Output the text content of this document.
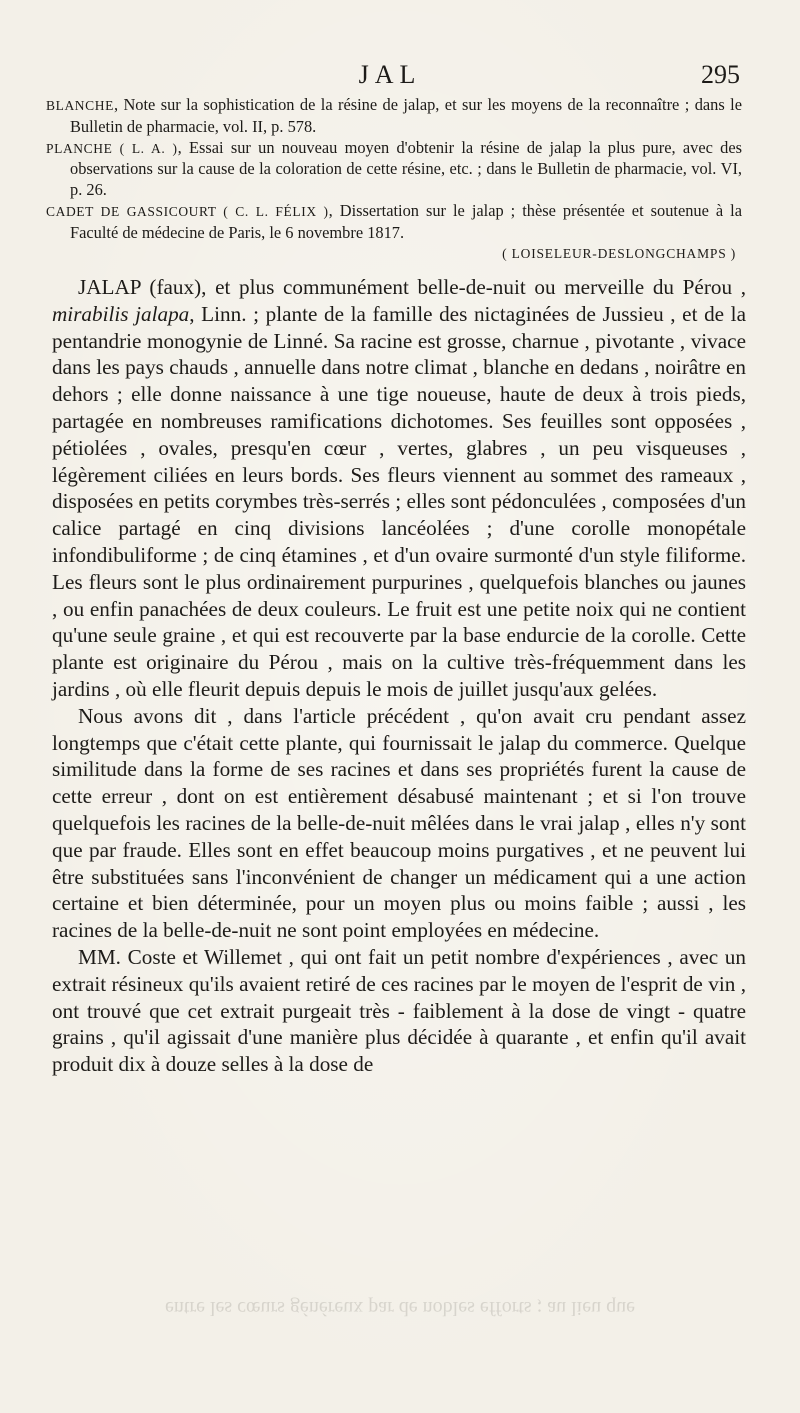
JAL	295
BLANCHE, Note sur la sophistication de la résine de jalap, et sur les moyens de la reconnaître ; dans le Bulletin de pharmacie, vol. II, p. 578.
PLANCHE ( L. A. ), Essai sur un nouveau moyen d'obtenir la résine de jalap la plus pure, avec des observations sur la cause de la coloration de cette résine, etc. ; dans le Bulletin de pharmacie, vol. VI, p. 26.
CADET DE GASSICOURT ( C. L. FÉLIX ), Dissertation sur le jalap ; thèse présentée et soutenue à la Faculté de médecine de Paris, le 6 novembre 1817.
( LOISELEUR-DESLONGCHAMPS )

JALAP (faux), et plus communément belle-de-nuit ou merveille du Pérou , mirabilis jalapa, Linn. ; plante de la famille des nictaginées de Jussieu , et de la pentandrie monogynie de Linné. Sa racine est grosse, charnue , pivotante , vivace dans les pays chauds , annuelle dans notre climat , blanche en dedans , noirâtre en dehors ; elle donne naissance à une tige noueuse, haute de deux à trois pieds, partagée en nombreuses ramifications dichotomes. Ses feuilles sont opposées , pétiolées , ovales, presqu'en cœur , vertes, glabres , un peu visqueuses , légèrement ciliées en leurs bords. Ses fleurs viennent au sommet des rameaux , disposées en petits corymbes très-serrés ; elles sont pédonculées , composées d'un calice partagé en cinq divisions lancéolées ; d'une corolle monopétale infondibuliforme ; de cinq étamines , et d'un ovaire surmonté d'un style filiforme. Les fleurs sont le plus ordinairement purpurines , quelquefois blanches ou jaunes , ou enfin panachées de deux couleurs. Le fruit est une petite noix qui ne contient qu'une seule graine , et qui est recouverte par la base endurcie de la corolle. Cette plante est originaire du Pérou , mais on la cultive très-fréquemment dans les jardins , où elle fleurit depuis depuis le mois de juillet jusqu'aux gelées.

Nous avons dit , dans l'article précédent , qu'on avait cru pendant assez longtemps que c'était cette plante, qui fournissait le jalap du commerce. Quelque similitude dans la forme de ses racines et dans ses propriétés furent la cause de cette erreur , dont on est entièrement désabusé maintenant ; et si l'on trouve quelquefois les racines de la belle-de-nuit mêlées dans le vrai jalap , elles n'y sont que par fraude. Elles sont en effet beaucoup moins purgatives , et ne peuvent lui être substituées sans l'inconvénient de changer un médicament qui a une action certaine et bien déterminée, pour un moyen plus ou moins faible ; aussi , les racines de la belle-de-nuit ne sont point employées en médecine.

MM. Coste et Willemet , qui ont fait un petit nombre d'expériences , avec un extrait résineux qu'ils avaient retiré de ces racines par le moyen de l'esprit de vin , ont trouvé que cet extrait purgeait très - faiblement à la dose de vingt - quatre grains , qu'il agissait d'une manière plus décidée à quarante , et enfin qu'il avait produit dix à douze selles à la dose de

entre les cœurs généreux par de nobles efforts ; au lieu que
